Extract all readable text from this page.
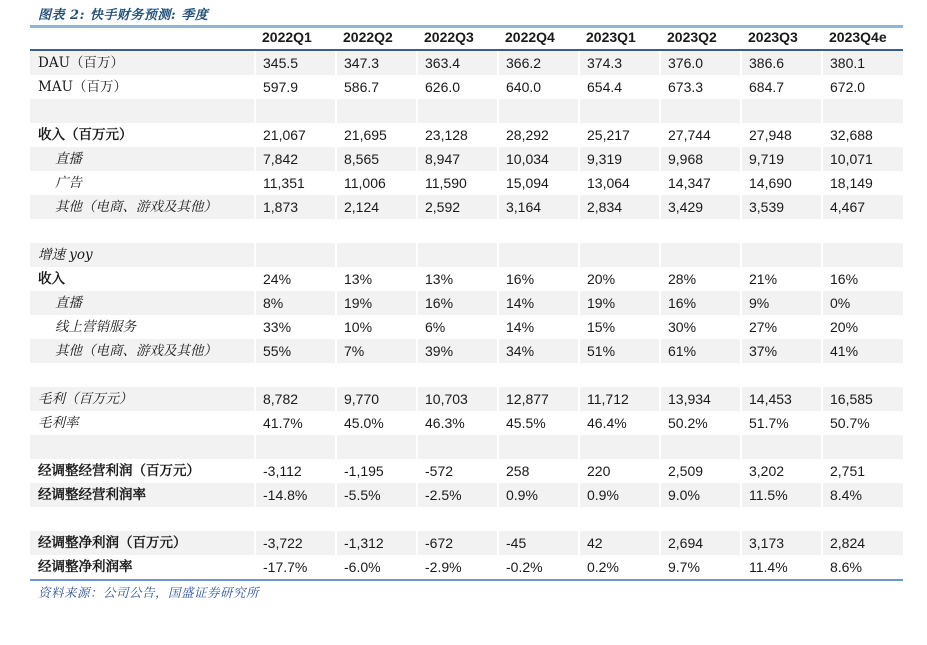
图表 2: 快手财务预测: 季度
	2022Q1	2022Q2	2022Q3	2022Q4	2023Q1	2023Q2	2023Q3	2023Q4e
DAU（百万）	345.5	347.3	363.4	366.2	374.3	376.0	386.6	380.1
MAU（百万）	597.9	586.7	626.0	640.0	654.4	673.3	684.7	672.0

收入（百万元）	21,067	21,695	23,128	28,292	25,217	27,744	27,948	32,688
直播	7,842	8,565	8,947	10,034	9,319	9,968	9,719	10,071
广告	11,351	11,006	11,590	15,094	13,064	14,347	14,690	18,149
其他（电商、游戏及其他）	1,873	2,124	2,592	3,164	2,834	3,429	3,539	4,467

增速 yoy								
收入	24%	13%	13%	16%	20%	28%	21%	16%
直播	8%	19%	16%	14%	19%	16%	9%	0%
线上营销服务	33%	10%	6%	14%	15%	30%	27%	20%
其他（电商、游戏及其他）	55%	7%	39%	34%	51%	61%	37%	41%

毛利（百万元）	8,782	9,770	10,703	12,877	11,712	13,934	14,453	16,585
毛利率	41.7%	45.0%	46.3%	45.5%	46.4%	50.2%	51.7%	50.7%

经调整经营利润（百万元）	-3,112	-1,195	-572	258	220	2,509	3,202	2,751
经调整经营利润率	-14.8%	-5.5%	-2.5%	0.9%	0.9%	9.0%	11.5%	8.4%

经调整净利润（百万元）	-3,722	-1,312	-672	-45	42	2,694	3,173	2,824
经调整净利润率	-17.7%	-6.0%	-2.9%	-0.2%	0.2%	9.7%	11.4%	8.6%
资料来源：公司公告，国盛证券研究所
